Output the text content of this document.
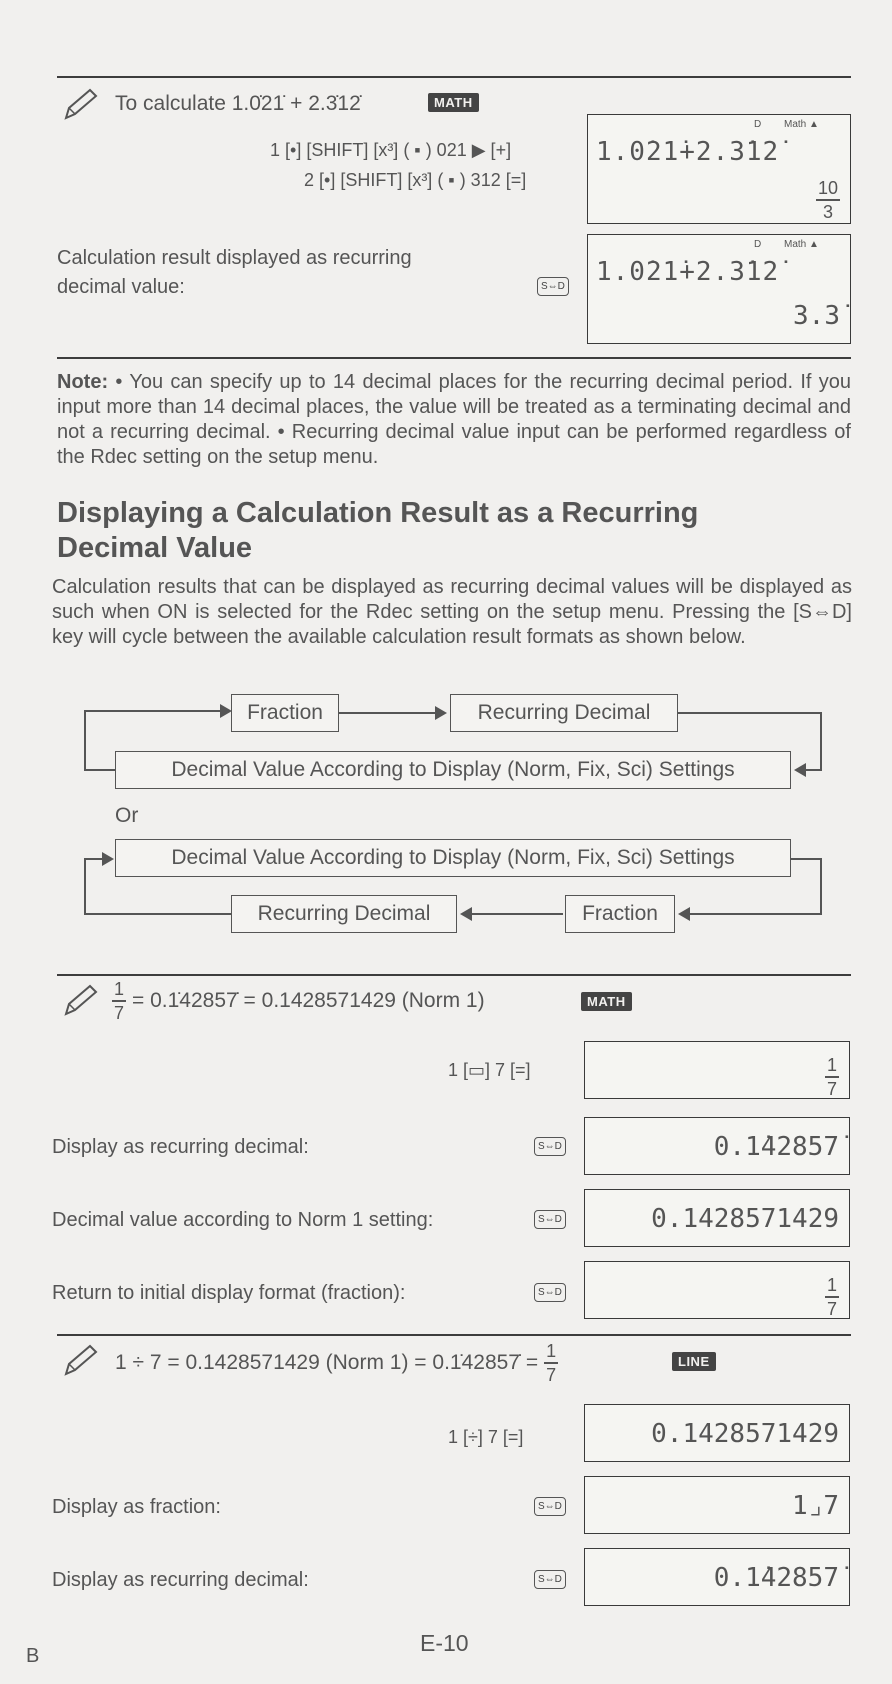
To calculate 1.0̇21̇ + 2.3̇12̇	MATH
1 [•] [SHIFT] [x³] ( ▪ ) 021 ▶ [+]
2 [•] [SHIFT] [x³] ( ▪ ) 312 [=]
D Math ▲
1.0̇21̇+2.3̇12̇
$\frac{10}{3}$
Calculation result displayed as recurring
decimal value:	S⇔D
D Math ▲
1.0̇21̇+2.3̇12̇
3.3̇
Note: • You can specify up to 14 decimal places for the recurring decimal period. If you input more than 14 decimal places, the value will be treated as a terminating decimal and not a recurring decimal. • Recurring decimal value input can be performed regardless of the Rdec setting on the setup menu.
Displaying a Calculation Result as a Recurring
Decimal Value
Calculation results that can be displayed as recurring decimal values will be displayed as such when ON is selected for the Rdec setting on the setup menu. Pressing the [S⇔D] key will cycle between the available calculation result formats as shown below.
Fraction	Recurring Decimal
Decimal Value According to Display (Norm, Fix, Sci) Settings
Or
Decimal Value According to Display (Norm, Fix, Sci) Settings
Fraction
Recurring Decimal
$\frac{1}{7}$ = 0.1̇42857̇ = 0.1428571429 (Norm 1)	MATH
1 [▭] 7 [=]	$\frac{1}{7}$
Display as recurring decimal:	S⇔D	0.1̇42857̇
Decimal value according to Norm 1 setting:	S⇔D	0.1428571429
Return to initial display format (fraction):	S⇔D	$\frac{1}{7}$
1 ÷ 7 = 0.1428571429 (Norm 1) = 0.1̇42857̇ = $\frac{1}{7}$	LINE
1 [÷] 7 [=]	0.1428571429
Display as fraction:	S⇔D	1⌟7
Display as recurring decimal:	S⇔D	0.1̇42857̇
E-10
B
